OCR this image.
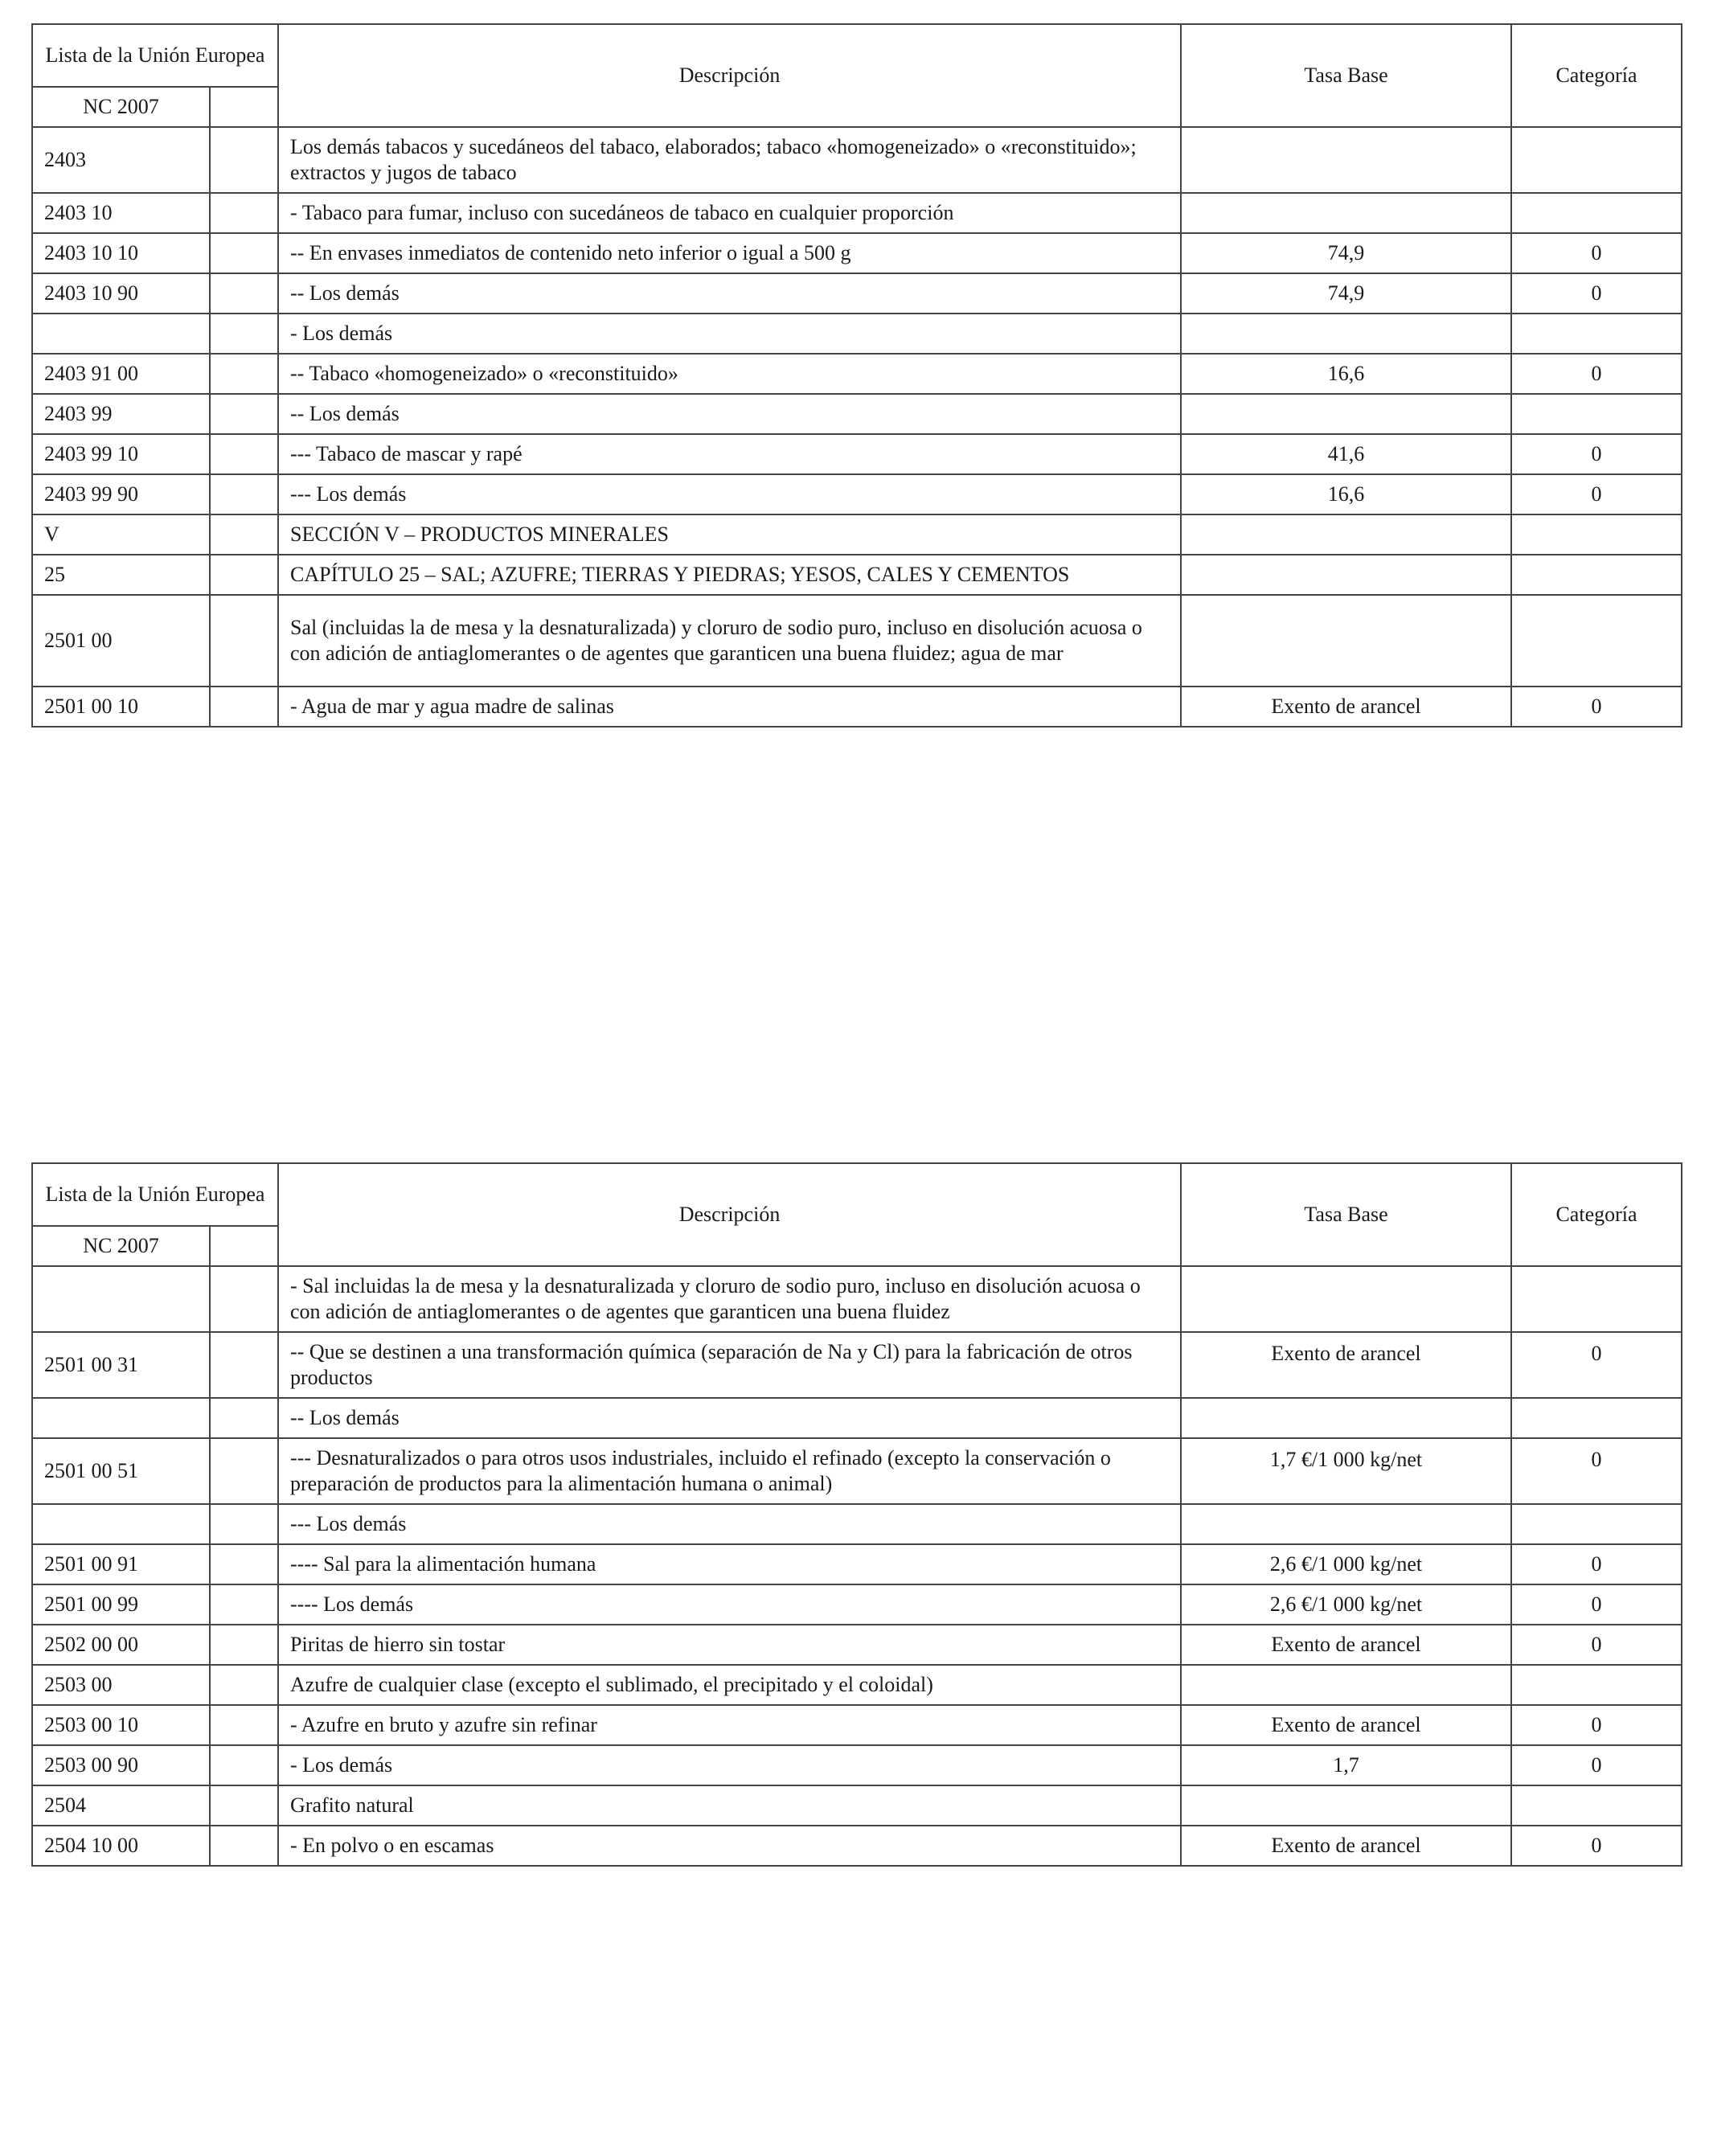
Lista de la Unión Europea		Descripción	Tasa Base	Categoría
NC 2007				
2403		Los demás tabacos y sucedáneos del tabaco, elaborados; tabaco «homogeneizado» o «reconstituido»; extractos y jugos de tabaco		
2403 10		- Tabaco para fumar, incluso con sucedáneos de tabaco en cualquier proporción		
2403 10 10		-- En envases inmediatos de contenido neto inferior o igual a 500 g	74,9	0
2403 10 90		-- Los demás	74,9	0
		- Los demás		
2403 91 00		-- Tabaco «homogeneizado» o «reconstituido»	16,6	0
2403 99		-- Los demás		
2403 99 10		--- Tabaco de mascar y rapé	41,6	0
2403 99 90		--- Los demás	16,6	0
V		SECCIÓN V – PRODUCTOS MINERALES		
25		CAPÍTULO 25 – SAL; AZUFRE; TIERRAS Y PIEDRAS; YESOS, CALES Y CEMENTOS		
2501 00		Sal (incluidas la de mesa y la desnaturalizada) y cloruro de sodio puro, incluso en disolución acuosa o con adición de antiaglomerantes o de agentes que garanticen una buena fluidez; agua de mar		
2501 00 10		- Agua de mar y agua madre de salinas	Exento de arancel	0
Lista de la Unión Europea		Descripción	Tasa Base	Categoría
NC 2007				
		- Sal incluidas la de mesa y la desnaturalizada y cloruro de sodio puro, incluso en disolución acuosa o con adición de antiaglomerantes o de agentes que garanticen una buena fluidez		
2501 00 31		-- Que se destinen a una transformación química (separación de Na y Cl) para la fabricación de otros productos	Exento de arancel	0
		-- Los demás		
2501 00 51		--- Desnaturalizados o para otros usos industriales, incluido el refinado (excepto la conservación o preparación de productos para la alimentación humana o animal)	1,7 €/1 000 kg/net	0
		--- Los demás		
2501 00 91		---- Sal para la alimentación humana	2,6 €/1 000 kg/net	0
2501 00 99		---- Los demás	2,6 €/1 000 kg/net	0
2502 00 00		Piritas de hierro sin tostar	Exento de arancel	0
2503 00		Azufre de cualquier clase (excepto el sublimado, el precipitado y el coloidal)		
2503 00 10		- Azufre en bruto y azufre sin refinar	Exento de arancel	0
2503 00 90		- Los demás	1,7	0
2504		Grafito natural		
2504 10 00		- En polvo o en escamas	Exento de arancel	0
